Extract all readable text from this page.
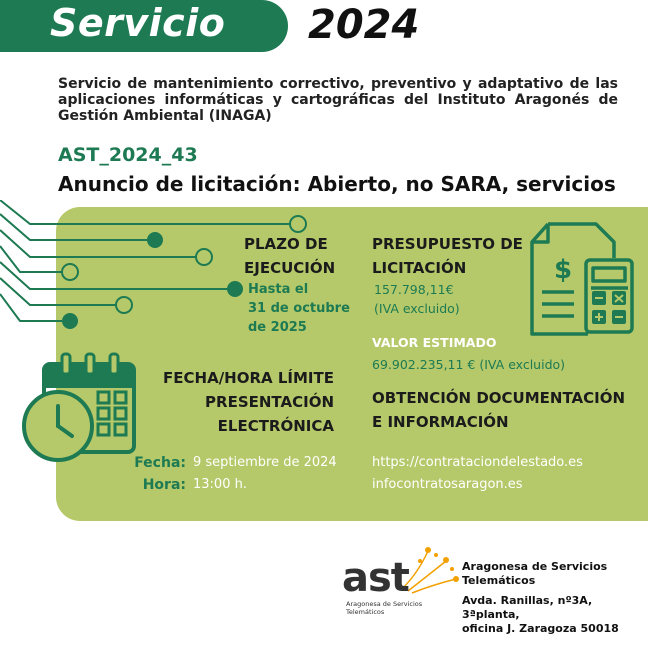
Servicio 2024
Servicio de mantenimiento correctivo, preventivo y adaptativo de las aplicaciones informáticas y cartográficas del Instituto Aragonés de Gestión Ambiental (INAGA)
AST_2024_43
Anuncio de licitación: Abierto, no SARA, servicios
PLAZO DE
EJECUCIÓN
Hasta el
31 de octubre
de 2025
PRESUPUESTO DE
LICITACIÓN
157.798,11€
(IVA excluido)
VALOR ESTIMADO
69.902.235,11 € (IVA excluido)
$
FECHA/HORA LÍMITE
PRESENTACIÓN
ELECTRÓNICA
Fecha:
Hora:
9 septiembre de 2024
13:00 h.
OBTENCIÓN DOCUMENTACIÓN
E INFORMACIÓN
https://contrataciondelestado.es
infocontratosaragon.es
ast
Aragonesa de Servicios
Telemáticos
Aragonesa de Servicios
Telemáticos
Avda. Ranillas, nº3A, 3ªplanta,
oficina J. Zaragoza 50018
